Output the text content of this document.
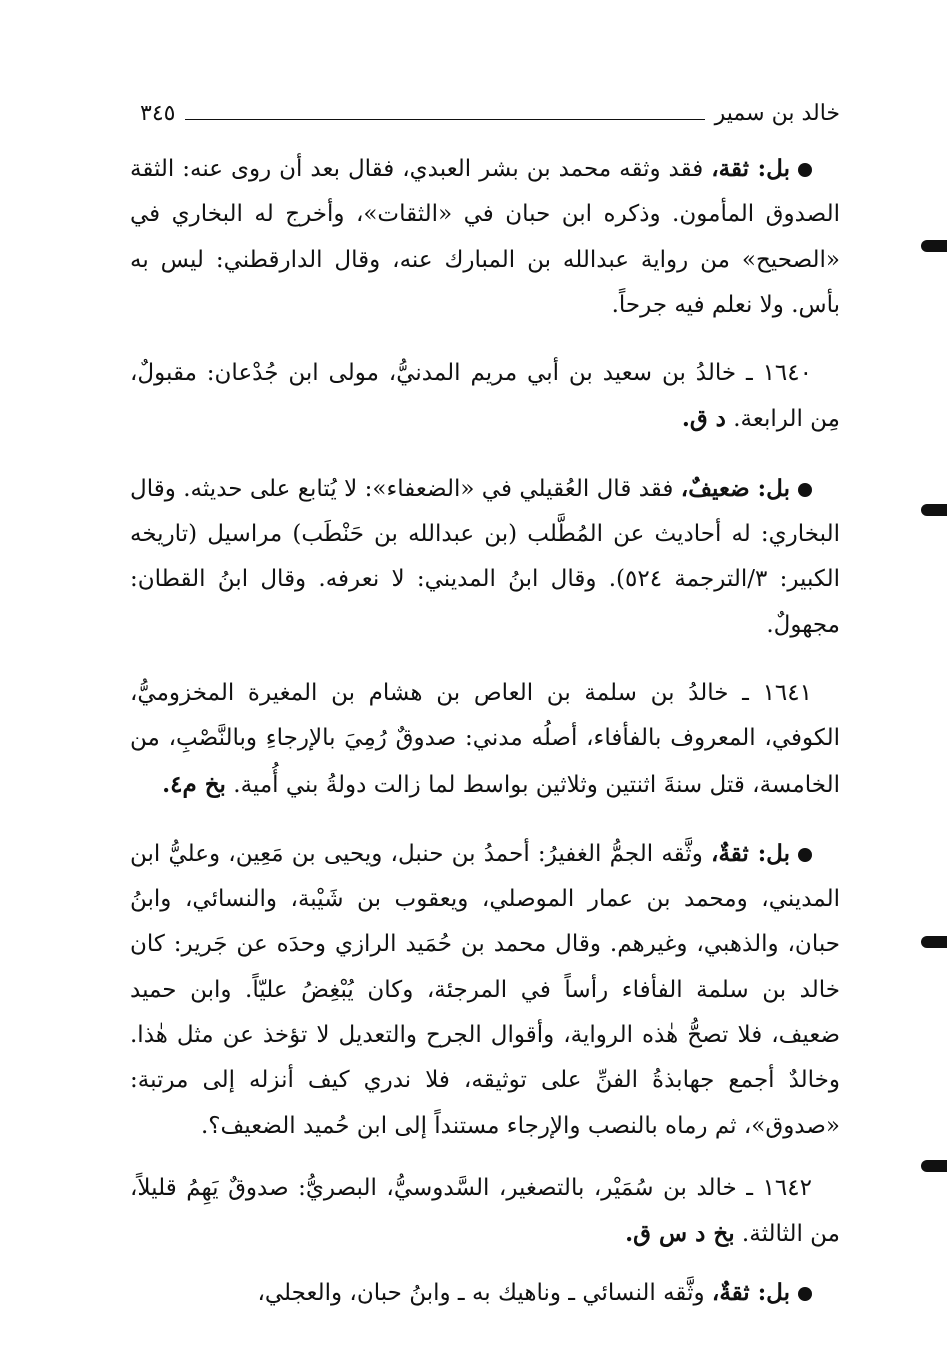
خالد بن سمير
٣٤٥

بل: ثقة، فقد وثقه محمد بن بشر العبدي، فقال بعد أن روى عنه: الثقة الصدوق المأمون. وذكره ابن حبان في «الثقات»، وأخرج له البخاري في «الصحيح» من رواية عبدالله بن المبارك عنه، وقال الدارقطني: ليس به بأس. ولا نعلم فيه جرحاً.

١٦٤٠ ـ خالدُ بن سعيد بن أبي مريم المدنيُّ، مولى ابن جُدْعان: مقبولٌ، مِن الرابعة. د ق.

بل: ضعيفٌ، فقد قال العُقيلي في «الضعفاء»: لا يُتابع على حديثه. وقال البخاري: له أحاديث عن المُطَّلب (بن عبدالله بن حَنْطَب) مراسيل (تاريخه الكبير: ٣/الترجمة ٥٢٤). وقال ابنُ المديني: لا نعرفه. وقال ابنُ القطان: مجهولٌ.

١٦٤١ ـ خالدُ بن سلمة بن العاص بن هشام بن المغيرة المخزوميُّ، الكوفي، المعروف بالفأفاء، أصلُه مدني: صدوقٌ رُمِيَ بالإرجاءِ وبالنَّصْبِ، من الخامسة، قتل سنةَ اثنتين وثلاثين بواسط لما زالت دولةُ بني أُمية. بخ م٤.

بل: ثقةٌ، وثَّقه الجمُّ الغفيرُ: أحمدُ بن حنبل، ويحيى بن مَعِين، وعليُّ ابن المديني، ومحمد بن عمار الموصلي، ويعقوب بن شَيْبة، والنسائي، وابنُ حبان، والذهبي، وغيرهم. وقال محمد بن حُمَيد الرازي وحدَه عن جَرير: كان خالد بن سلمة الفأفاء رأساً في المرجئة، وكان يُبْغِضُ عليّاً. وابن حميد ضعيف، فلا تصحُّ هٰذه الرواية، وأقوال الجرح والتعديل لا تؤخذ عن مثل هٰذا. وخالدٌ أجمع جهابذةُ الفنِّ على توثيقه، فلا ندري كيف أنزله إلى مرتبة: «صدوق»، ثم رماه بالنصب والإرجاء مستنداً إلى ابن حُميد الضعيف؟.

١٦٤٢ ـ خالد بن سُمَيْر، بالتصغير، السَّدوسيُّ، البصريُّ: صدوقٌ يَهِمُ قليلاً، من الثالثة. بخ د س ق.

بل: ثقةٌ، وثَّقه النسائي ـ وناهيك به ـ وابنُ حبان، والعجلي،
